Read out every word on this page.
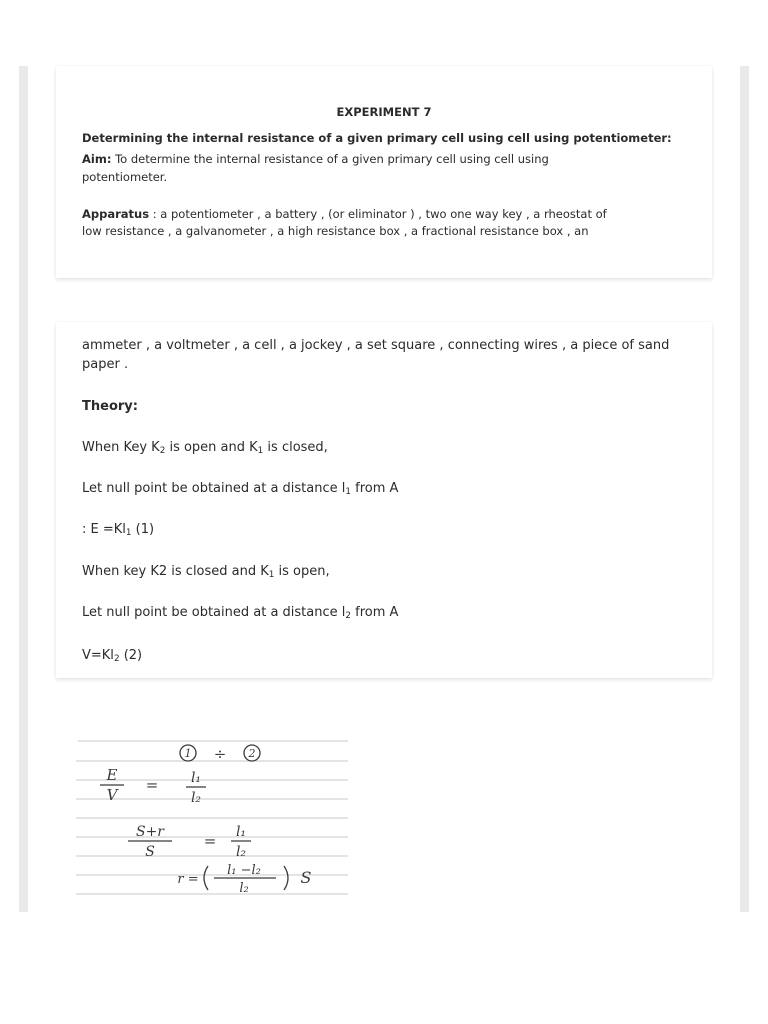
EXPERIMENT 7

Determining the internal resistance of a given primary cell using cell using potentiometer:

Aim: To determine the internal resistance of a given primary cell using cell using

potentiometer.

Apparatus : a potentiometer , a battery , (or eliminator ) , two one way key , a rheostat of

low resistance , a galvanometer , a high resistance box , a fractional resistance box , an

ammeter , a voltmeter , a cell , a jockey , a set square , connecting wires , a piece of sand

paper .

Theory:

When Key $K_2$ is open and $K_1$ is closed,

Let null point be obtained at a distance $l_1$ from A

: $E =Kl_1$ (1)

When key K2 is closed and $K_1$ is open,

Let null point be obtained at a distance $l_2$ from A

$V=Kl_2$ (2)

1 ÷ 2
E
V
= l₁
l₂
S+r
S
= l₁
l₂
r =
l₁ −l₂
l₂
S
